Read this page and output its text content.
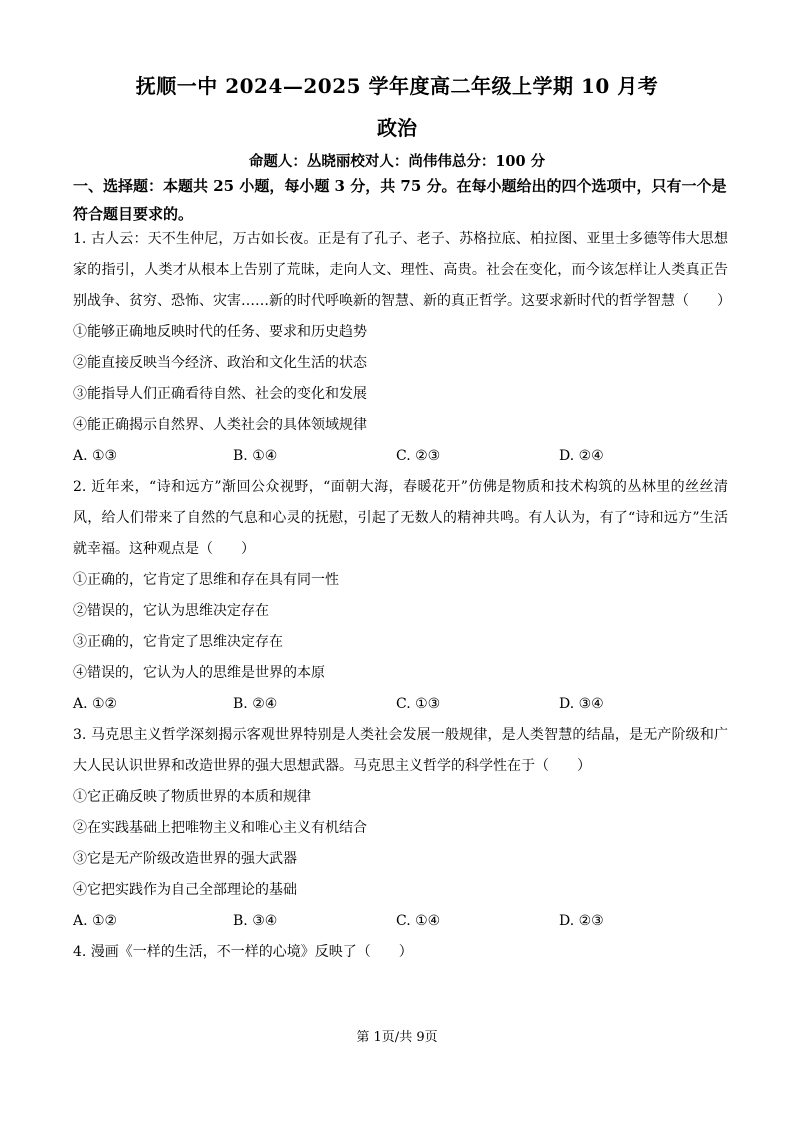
抚顺一中 2024—2025 学年度高二年级上学期 10 月考
政治
命题人：丛晓丽校对人：尚伟伟总分：100 分
一、选择题：本题共 25 小题，每小题 3 分，共 75 分。在每小题给出的四个选项中，只有一个是符合题目要求的。

1. 古人云：天不生仲尼，万古如长夜。正是有了孔子、老子、苏格拉底、柏拉图、亚里士多德等伟大思想家的指引，人类才从根本上告别了荒昧，走向人文、理性、高贵。社会在变化，而今该怎样让人类真正告别战争、贫穷、恐怖、灾害……新的时代呼唤新的智慧、新的真正哲学。这要求新时代的哲学智慧（　　）

①能够正确地反映时代的任务、要求和历史趋势
②能直接反映当今经济、政治和文化生活的状态
③能指导人们正确看待自然、社会的变化和发展
④能正确揭示自然界、人类社会的具体领域规律
A. ①③	B. ①④	C. ②③	D. ②④

2. 近年来，“诗和远方”渐回公众视野，“面朝大海，春暖花开”仿佛是物质和技术构筑的丛林里的丝丝清风，给人们带来了自然的气息和心灵的抚慰，引起了无数人的精神共鸣。有人认为，有了“诗和远方”生活就幸福。这种观点是（　　）

①正确的，它肯定了思维和存在具有同一性
②错误的，它认为思维决定存在
③正确的，它肯定了思维决定存在
④错误的，它认为人的思维是世界的本原
A. ①②	B. ②④	C. ①③	D. ③④

3. 马克思主义哲学深刻揭示客观世界特别是人类社会发展一般规律，是人类智慧的结晶，是无产阶级和广大人民认识世界和改造世界的强大思想武器。马克思主义哲学的科学性在于（　　）

①它正确反映了物质世界的本质和规律
②在实践基础上把唯物主义和唯心主义有机结合
③它是无产阶级改造世界的强大武器
④它把实践作为自己全部理论的基础
A. ①②	B. ③④	C. ①④	D. ②③

4. 漫画《一样的生活，不一样的心境》反映了（　　）

第 1页/共 9页
